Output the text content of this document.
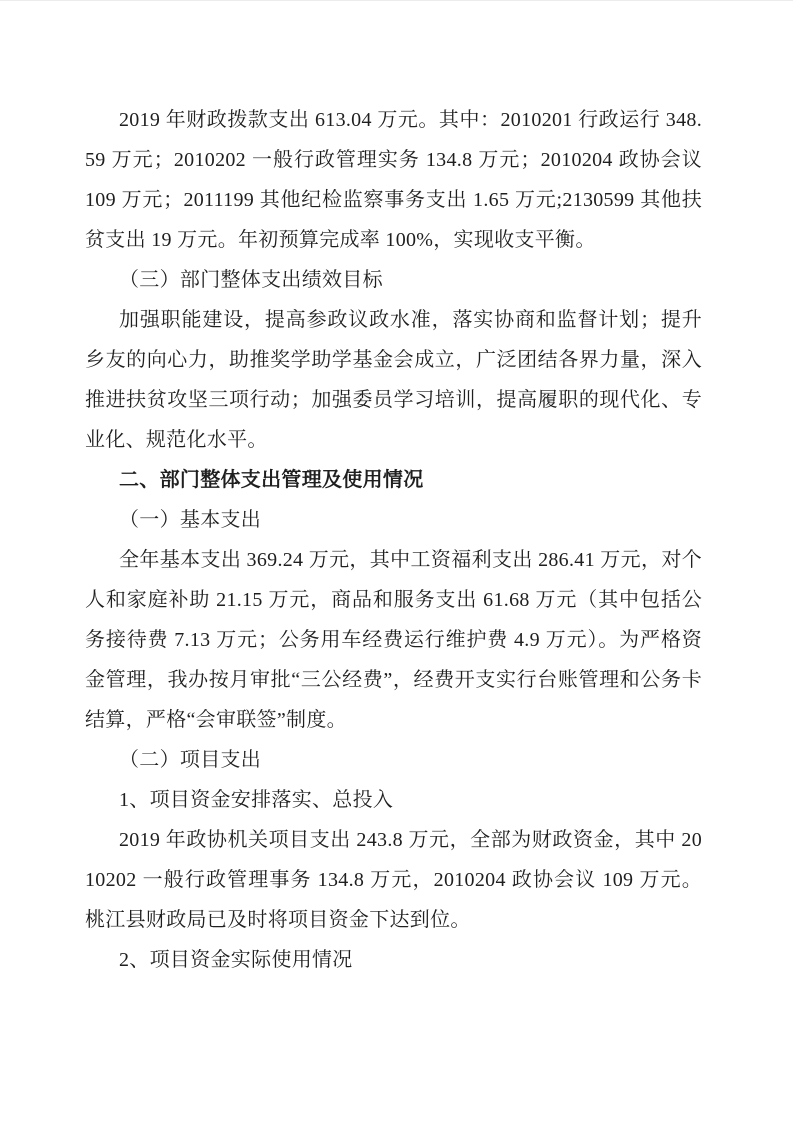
2019 年财政拨款支出 613.04 万元。其中：2010201 行政运行 348.59 万元；2010202 一般行政管理实务 134.8 万元；2010204 政协会议 109 万元；2011199 其他纪检监察事务支出 1.65 万元;2130599 其他扶贫支出 19 万元。年初预算完成率 100%，实现收支平衡。

（三）部门整体支出绩效目标

加强职能建设，提高参政议政水准，落实协商和监督计划；提升乡友的向心力，助推奖学助学基金会成立，广泛团结各界力量，深入推进扶贫攻坚三项行动；加强委员学习培训，提高履职的现代化、专业化、规范化水平。

二、部门整体支出管理及使用情况

（一）基本支出

全年基本支出 369.24 万元，其中工资福利支出 286.41 万元，对个人和家庭补助 21.15 万元，商品和服务支出 61.68 万元（其中包括公务接待费 7.13 万元；公务用车经费运行维护费 4.9 万元）。为严格资金管理，我办按月审批“三公经费”，经费开支实行台账管理和公务卡结算，严格“会审联签”制度。

（二）项目支出

1、项目资金安排落实、总投入

2019 年政协机关项目支出 243.8 万元，全部为财政资金，其中 2010202 一般行政管理事务 134.8 万元，2010204 政协会议 109 万元。桃江县财政局已及时将项目资金下达到位。

2、项目资金实际使用情况
